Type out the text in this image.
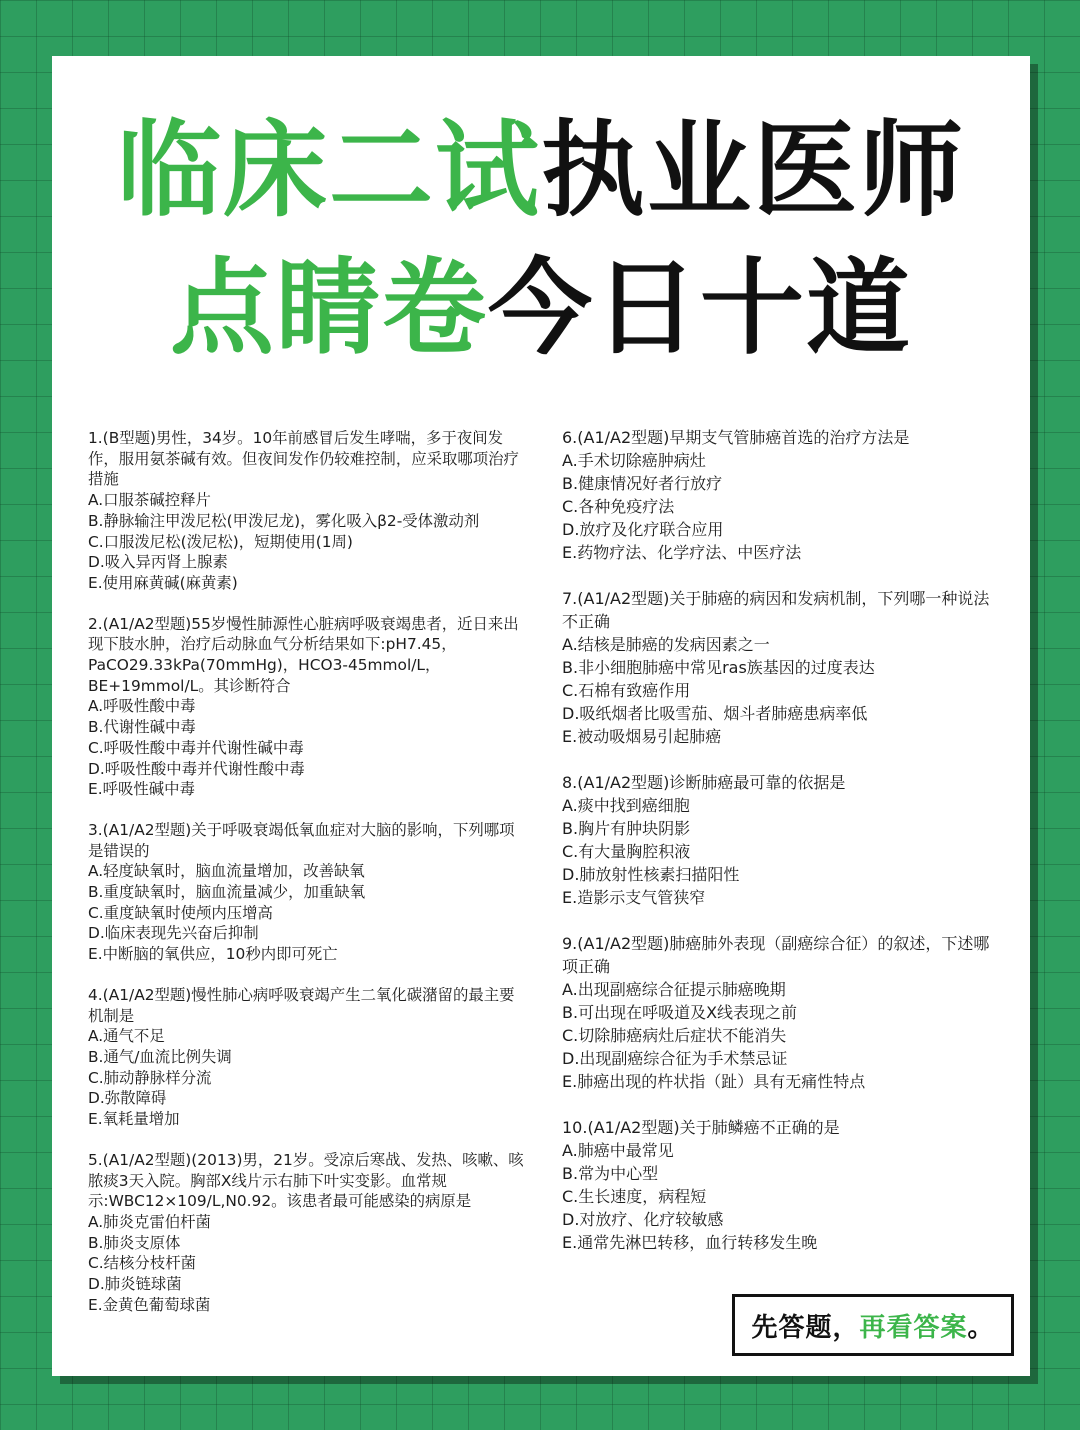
临床二试执业医师
点睛卷今日十道
1.(B型题)男性，34岁。10年前感冒后发生哮喘，多于夜间发作，服用氨茶碱有效。但夜间发作仍较难控制，应采取哪项治疗措施
A.口服茶碱控释片
B.静脉输注甲泼尼松(甲泼尼龙)，雾化吸入β2-受体激动剂
C.口服泼尼松(泼尼松)，短期使用(1周)
D.吸入异丙肾上腺素
E.使用麻黄碱(麻黄素)
2.(A1/A2型题)55岁慢性肺源性心脏病呼吸衰竭患者，近日来出现下肢水肿，治疗后动脉血气分析结果如下:pH7.45，PaCO29.33kPa(70mmHg)，HCO3-45mmol/L，BE+19mmol/L。其诊断符合
A.呼吸性酸中毒
B.代谢性碱中毒
C.呼吸性酸中毒并代谢性碱中毒
D.呼吸性酸中毒并代谢性酸中毒
E.呼吸性碱中毒
3.(A1/A2型题)关于呼吸衰竭低氧血症对大脑的影响，下列哪项是错误的
A.轻度缺氧时，脑血流量增加，改善缺氧
B.重度缺氧时，脑血流量减少，加重缺氧
C.重度缺氧时使颅内压增高
D.临床表现先兴奋后抑制
E.中断脑的氧供应，10秒内即可死亡
4.(A1/A2型题)慢性肺心病呼吸衰竭产生二氧化碳潴留的最主要机制是
A.通气不足
B.通气/血流比例失调
C.肺动静脉样分流
D.弥散障碍
E.氧耗量增加
5.(A1/A2型题)(2013)男，21岁。受凉后寒战、发热、咳嗽、咳脓痰3天入院。胸部X线片示右肺下叶实变影。血常规示:WBC12×109/L,N0.92。该患者最可能感染的病原是
A.肺炎克雷伯杆菌
B.肺炎支原体
C.结核分枝杆菌
D.肺炎链球菌
E.金黄色葡萄球菌
6.(A1/A2型题)早期支气管肺癌首选的治疗方法是
A.手术切除癌肿病灶
B.健康情况好者行放疗
C.各种免疫疗法
D.放疗及化疗联合应用
E.药物疗法、化学疗法、中医疗法
7.(A1/A2型题)关于肺癌的病因和发病机制，下列哪一种说法不正确
A.结核是肺癌的发病因素之一
B.非小细胞肺癌中常见ras族基因的过度表达
C.石棉有致癌作用
D.吸纸烟者比吸雪茄、烟斗者肺癌患病率低
E.被动吸烟易引起肺癌
8.(A1/A2型题)诊断肺癌最可靠的依据是
A.痰中找到癌细胞
B.胸片有肿块阴影
C.有大量胸腔积液
D.肺放射性核素扫描阳性
E.造影示支气管狭窄
9.(A1/A2型题)肺癌肺外表现（副癌综合征）的叙述，下述哪项正确
A.出现副癌综合征提示肺癌晚期
B.可出现在呼吸道及X线表现之前
C.切除肺癌病灶后症状不能消失
D.出现副癌综合征为手术禁忌证
E.肺癌出现的杵状指（趾）具有无痛性特点
10.(A1/A2型题)关于肺鳞癌不正确的是
A.肺癌中最常见
B.常为中心型
C.生长速度，病程短
D.对放疗、化疗较敏感
E.通常先淋巴转移，血行转移发生晚
先答题， 再看答案 。
